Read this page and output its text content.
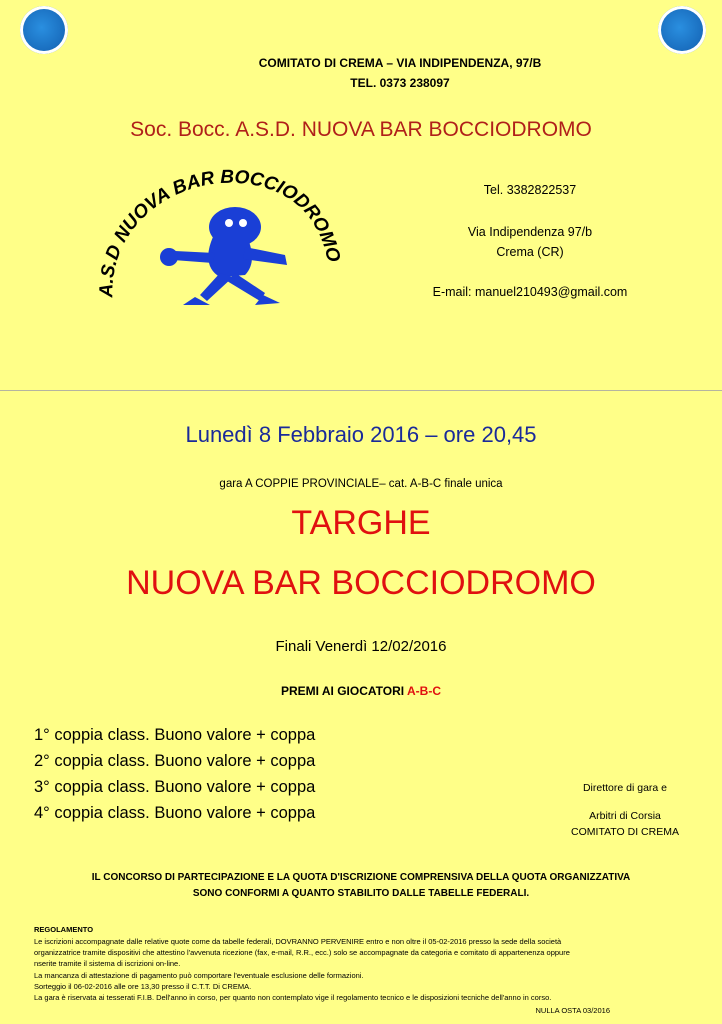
COMITATO DI CREMA – VIA INDIPENDENZA, 97/B
TEL. 0373 238097
Soc. Bocc. A.S.D. NUOVA BAR BOCCIODROMO
A.S.D NUOVA BAR BOCCIODROMO
Tel. 3382822537
Via Indipendenza 97/b
Crema (CR)
E-mail: manuel210493@gmail.com
Lunedì 8 Febbraio 2016 – ore 20,45
gara A COPPIE PROVINCIALE– cat. A-B-C finale unica
TARGHE
NUOVA BAR BOCCIODROMO
Finali Venerdì 12/02/2016
PREMI AI GIOCATORI A-B-C
1° coppia class. Buono valore + coppa
2° coppia class. Buono valore + coppa
3° coppia class. Buono valore + coppa
4° coppia class. Buono valore + coppa
Direttore di gara e
Arbitri di Corsia
COMITATO DI CREMA
IL CONCORSO DI PARTECIPAZIONE E LA QUOTA D'ISCRIZIONE COMPRENSIVA DELLA QUOTA ORGANIZZATIVA
SONO CONFORMI A QUANTO STABILITO DALLE TABELLE FEDERALI.
REGOLAMENTO
Le iscrizioni accompagnate dalle relative quote come da tabelle federali, DOVRANNO PERVENIRE entro e non oltre il 05-02-2016 presso la sede della società
organizzatrice tramite dispositivi che attestino l'avvenuta ricezione (fax, e-mail, R.R., ecc.) solo se accompagnate da categoria e comitato di appartenenza oppure
nserite tramite il sistema di iscrizioni on-line.
La mancanza di attestazione di pagamento può comportare l'eventuale esclusione delle formazioni.
Sorteggio il 06-02-2016 alle ore 13,30 presso il C.T.T. Di CREMA.
La gara è riservata ai tesserati F.I.B. Dell'anno in corso, per quanto non contemplato vige il regolamento tecnico e le disposizioni tecniche dell'anno in corso.
NULLA OSTA 03/2016
